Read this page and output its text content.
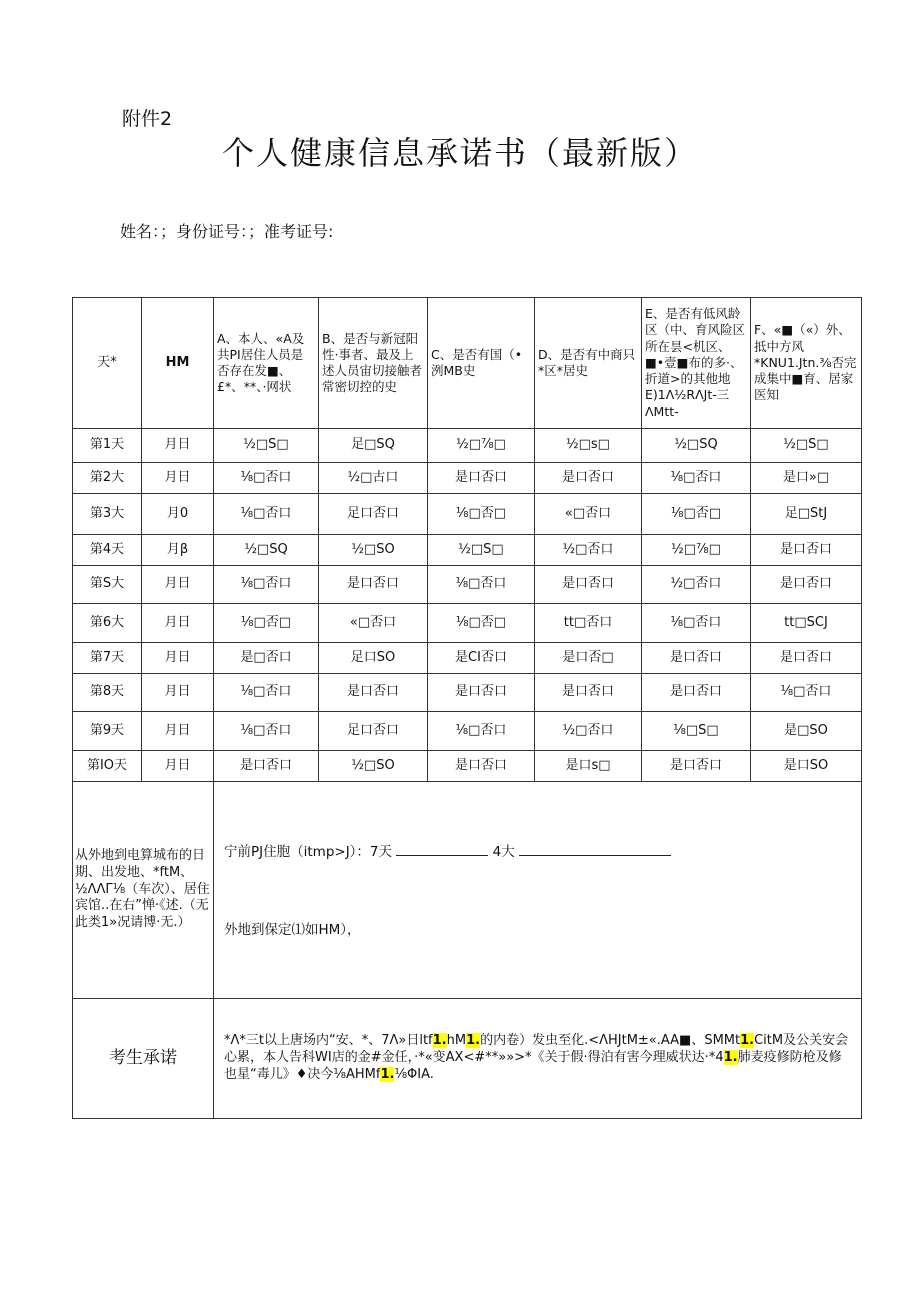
附件2
个人健康信息承诺书（最新版）
姓名：；身份证号：；准考证号:
天*	HM	A、本人、«A及共PI居住人员是否存在发■、£*、**、·网状	B、是否与新冠阳性·事者、最及上述人员宙切接触者常密切控的史	C、是否有国（•洌MB史	D、是否有中商只*区*居史	E、是否有低风龄区（中、育风险区所在昙<机区、■•壹■布的多·、折道>的其他地E)1Λ½RΛJt-三ΛMtt-	F、«■（«）外、抵中方风*KNU1.Jtn.⅜否完成集中■育、居家医知
第1天	月日	½□S□	足□SQ	½□⅞□	½□s□	½□SQ	½□S□
第2大	月日	⅛□否口	½□古口	是口否口	是口否口	⅛□否口	是口»□
第3大	月0	⅛□否口	足口否口	⅛□否□	«□否口	⅛□否□	足□StJ
第4天	月β	½□SQ	½□SO	½□S□	½□否口	½□⅞□	是口否口
第S大	月日	⅛□否口	是口否口	⅛□否口	是口否口	½□否口	是口否口
第6大	月日	⅛□否□	«□否口	⅛□否□	tt□否口	⅛□否口	tt□SCJ
第7天	月日	是□否口	足口SO	是CI否口	是口否□	是口否口	是口否口
第8天	月日	⅛□否口	是口否口	是口否口	是口否口	是口否口	⅛□否口
第9天	月日	⅛□否口	足口否口	⅛□否口	½□否口	⅛□S□	是□SO
第IO天	月日	是口否口	½□SO	是口否口	是口s□	是口否口	是口SO
从外地到电算城布的日期、出发地、*ftM、½ΛΛΓ⅛（车次）、居住宾馆..在右”惮·《述.（无此类1»况请博·无.）		宁前PJ住胞（itmp>J）：7天 4大
外地到保定⑴如HM），					

考生承诺		*Λ*三t以上唐场内“安、*、7Λ»日ltf1.hM1.的内卷）发虫至化.<ΛHJtM±«.AA■、SMMt1.CitM及公关安会心累，本人告科WI店的金#金任，·*«变AX<#**»»>*《关于假·得泊有害今理威状达·*41.肺麦疫修防枪及修也星“毒儿》♦决今⅛AHMf1.⅛ΦIA.					
